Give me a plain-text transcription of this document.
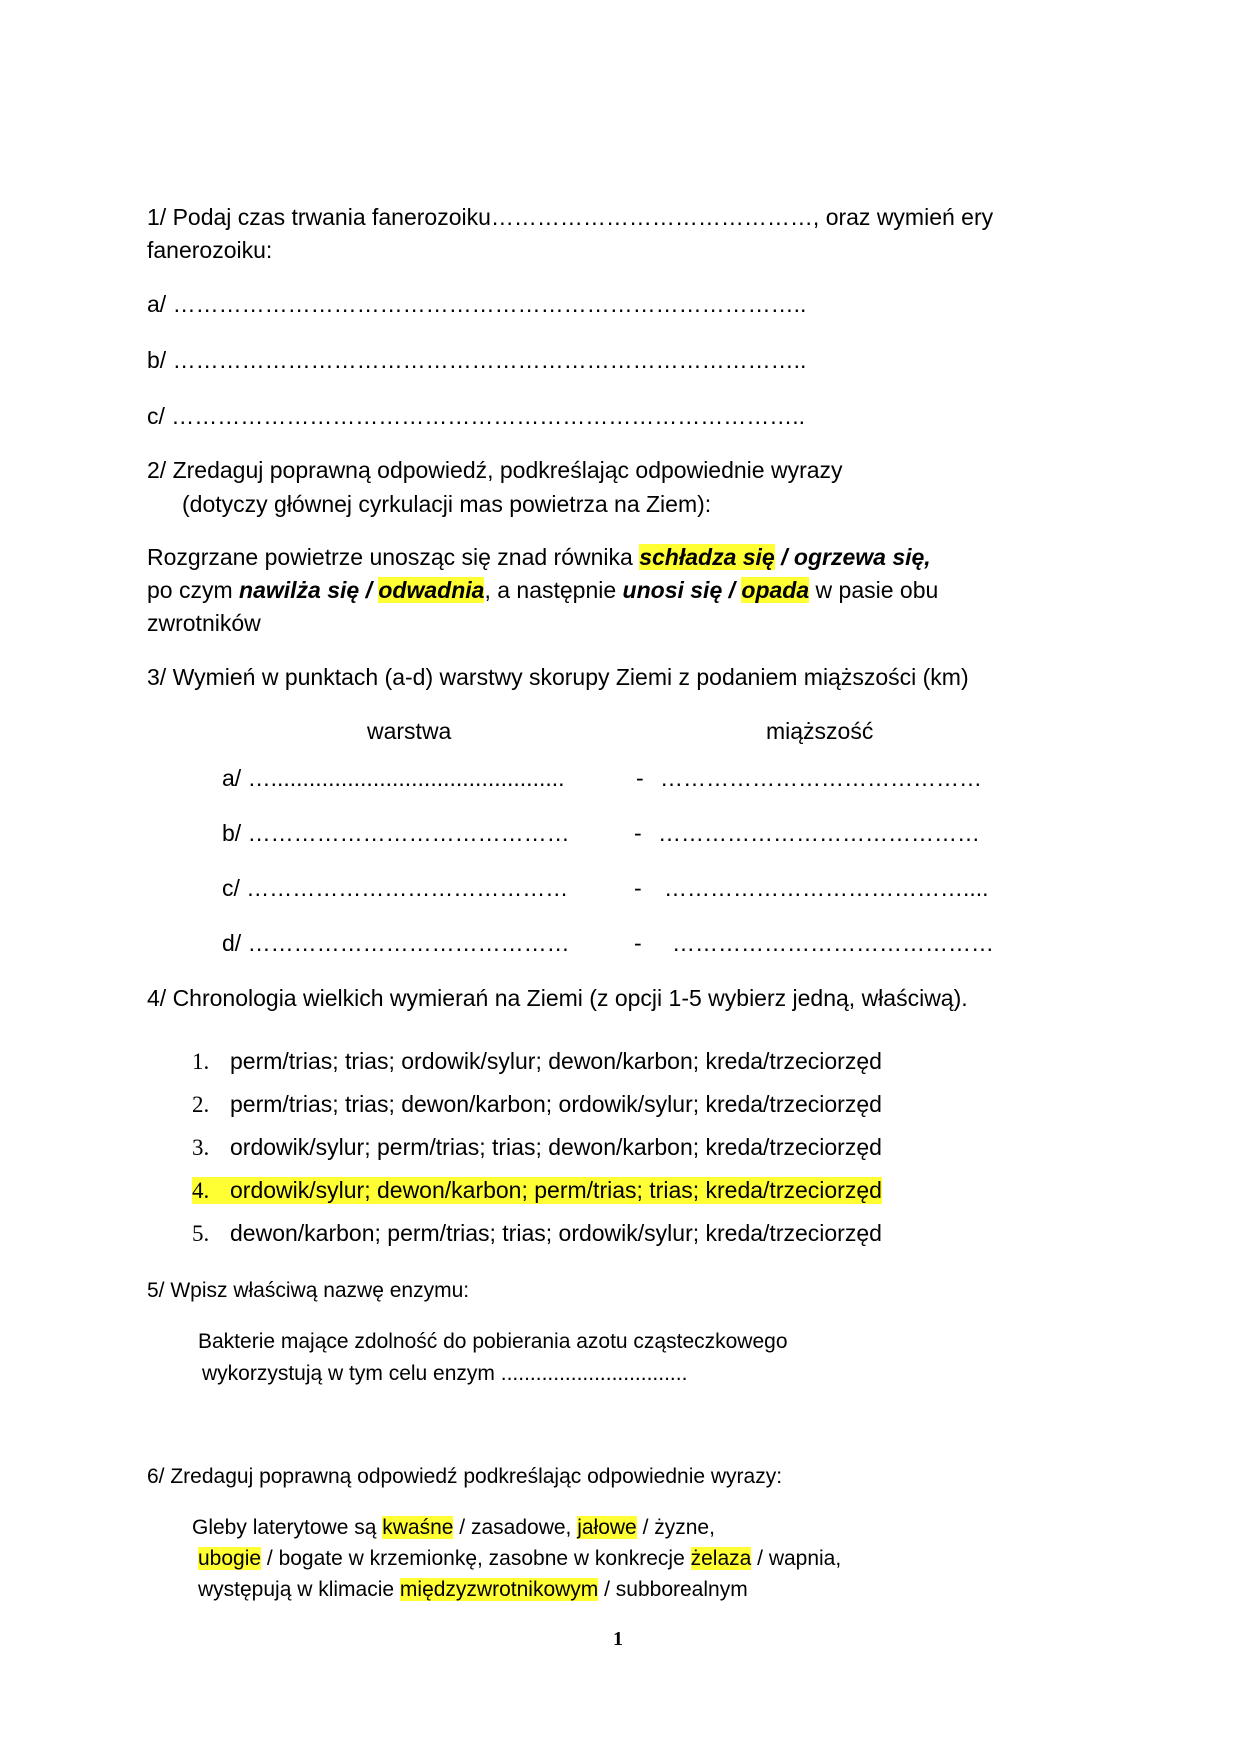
1/ Podaj czas trwania fanerozoiku……………………………………, oraz wymień ery
fanerozoiku:
a/ ………………………………………………………………………..
b/ ………………………………………………………………………..
c/ ………………………………………………………………………..
2/ Zredaguj poprawną odpowiedź, podkreślając odpowiednie wyrazy
(dotyczy głównej cyrkulacji mas powietrza na Ziem):
Rozgrzane powietrze unosząc się znad równika schładza się / ogrzewa się,
po czym nawilża się / odwadnia, a następnie unosi się / opada w pasie obu
zwrotników
3/ Wymień w punktach (a-d) warstwy skorupy Ziemi z podaniem miąższości (km)
warstwa	miąższość
a/ …..............................................	- ……………………………………
b/ ……………………………………	- ……………………………………
c/ ……………………………………	- …………………………………....
d/ ……………………………………	- ……………………………………
4/ Chronologia wielkich wymierań na Ziemi (z opcji 1-5 wybierz jedną, właściwą).
1. perm/trias; trias; ordowik/sylur; dewon/karbon; kreda/trzeciorzęd
2. perm/trias; trias; dewon/karbon; ordowik/sylur; kreda/trzeciorzęd
3. ordowik/sylur; perm/trias; trias; dewon/karbon; kreda/trzeciorzęd
4. ordowik/sylur; dewon/karbon; perm/trias; trias; kreda/trzeciorzęd
5. dewon/karbon; perm/trias; trias; ordowik/sylur; kreda/trzeciorzęd
5/ Wpisz właściwą nazwę enzymu:
Bakterie mające zdolność do pobierania azotu cząsteczkowego
wykorzystują w tym celu enzym ................................
6/ Zredaguj poprawną odpowiedź podkreślając odpowiednie wyrazy:
Gleby laterytowe są kwaśne / zasadowe, jałowe / żyzne,
ubogie / bogate w krzemionkę, zasobne w konkrecje żelaza / wapnia,
występują w klimacie międzyzwrotnikowym / subborealnym
1
